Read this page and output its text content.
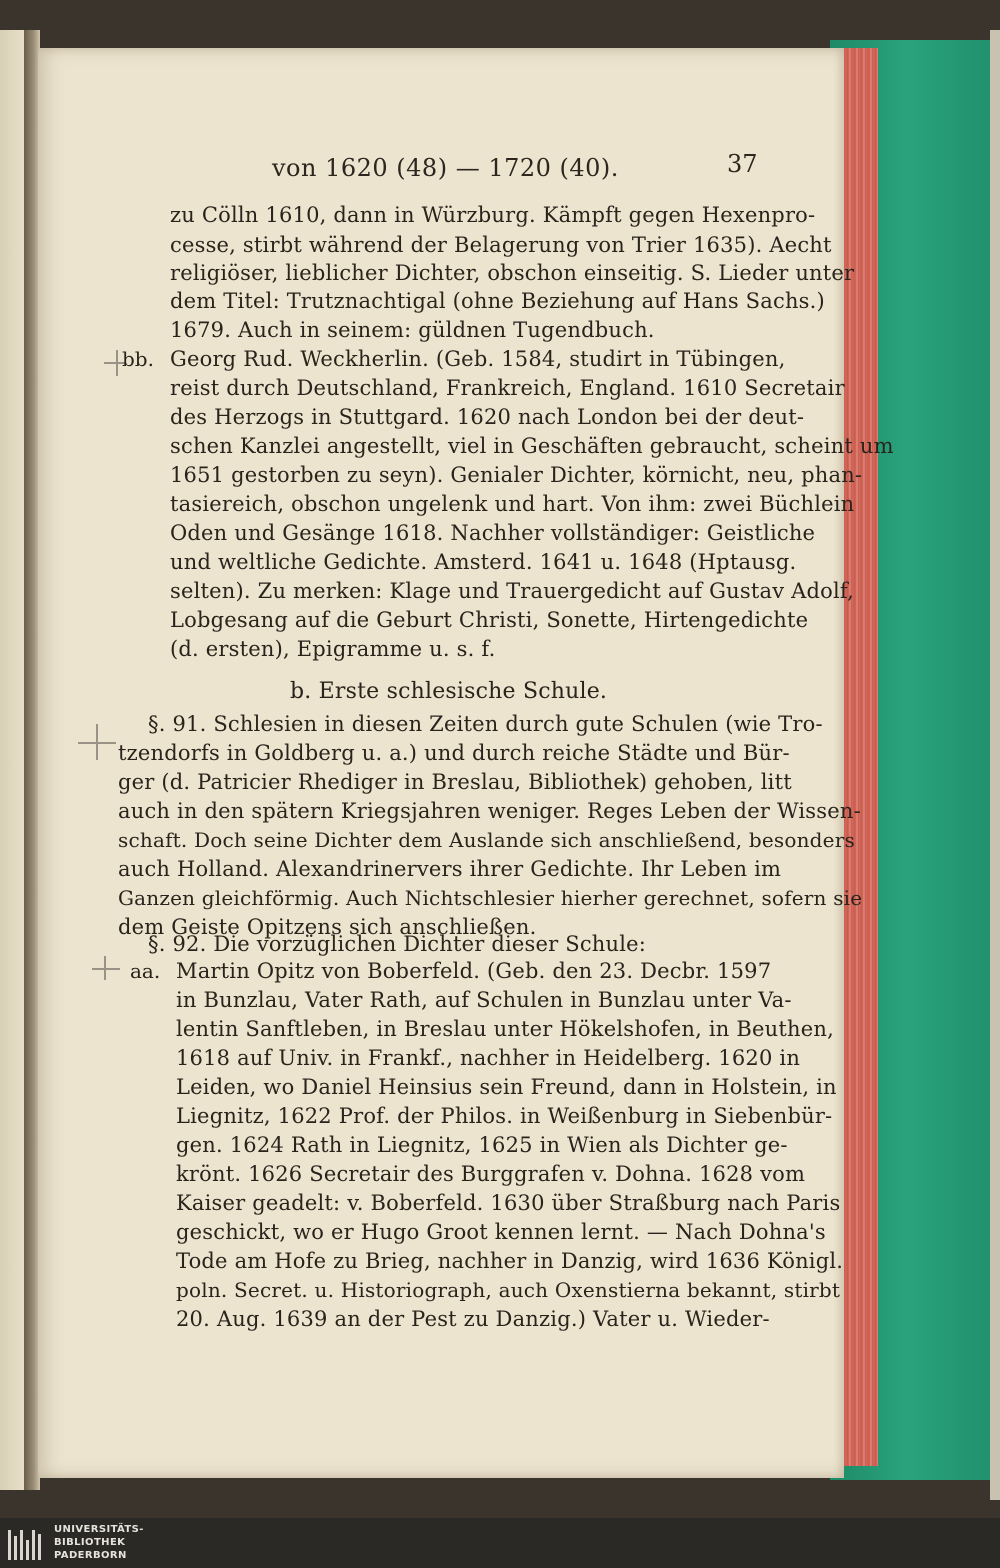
von 1620 (48) — 1720 (40).	37
bb.
aa.
zu Cölln 1610, dann in Würzburg. Kämpft gegen Hexenpro-
cesse, stirbt während der Belagerung von Trier 1635). Aecht
religiöser, lieblicher Dichter, obschon einseitig. S. Lieder unter
dem Titel: Trutznachtigal (ohne Beziehung auf Hans Sachs.)
1679. Auch in seinem: güldnen Tugendbuch.
Georg Rud. Weckherlin. (Geb. 1584, studirt in Tübingen,
reist durch Deutschland, Frankreich, England. 1610 Secretair
des Herzogs in Stuttgard. 1620 nach London bei der deut-
schen Kanzlei angestellt, viel in Geschäften gebraucht, scheint um
1651 gestorben zu seyn). Genialer Dichter, körnicht, neu, phan-
tasiereich, obschon ungelenk und hart. Von ihm: zwei Büchlein
Oden und Gesänge 1618. Nachher vollständiger: Geistliche
und weltliche Gedichte. Amsterd. 1641 u. 1648 (Hptausg.
selten). Zu merken: Klage und Trauergedicht auf Gustav Adolf,
Lobgesang auf die Geburt Christi, Sonette, Hirtengedichte
(d. ersten), Epigramme u. s. f.
b. Erste schlesische Schule.
§. 91. Schlesien in diesen Zeiten durch gute Schulen (wie Tro-
tzendorfs in Goldberg u. a.) und durch reiche Städte und Bür-
ger (d. Patricier Rhediger in Breslau, Bibliothek) gehoben, litt
auch in den spätern Kriegsjahren weniger. Reges Leben der Wissen-
schaft. Doch seine Dichter dem Auslande sich anschließend, besonders
auch Holland. Alexandrinervers ihrer Gedichte. Ihr Leben im
Ganzen gleichförmig. Auch Nichtschlesier hierher gerechnet, sofern sie
dem Geiste Opitzens sich anschließen.
§. 92. Die vorzüglichen Dichter dieser Schule:
Martin Opitz von Boberfeld. (Geb. den 23. Decbr. 1597
in Bunzlau, Vater Rath, auf Schulen in Bunzlau unter Va-
lentin Sanftleben, in Breslau unter Hökelshofen, in Beuthen,
1618 auf Univ. in Frankf., nachher in Heidelberg. 1620 in
Leiden, wo Daniel Heinsius sein Freund, dann in Holstein, in
Liegnitz, 1622 Prof. der Philos. in Weißenburg in Siebenbür-
gen. 1624 Rath in Liegnitz, 1625 in Wien als Dichter ge-
krönt. 1626 Secretair des Burggrafen v. Dohna. 1628 vom
Kaiser geadelt: v. Boberfeld. 1630 über Straßburg nach Paris
geschickt, wo er Hugo Groot kennen lernt. — Nach Dohna's
Tode am Hofe zu Brieg, nachher in Danzig, wird 1636 Königl.
poln. Secret. u. Historiograph, auch Oxenstierna bekannt, stirbt
20. Aug. 1639 an der Pest zu Danzig.) Vater u. Wieder-
UNIVERSITÄTS-
BIBLIOTHEK
PADERBORN
